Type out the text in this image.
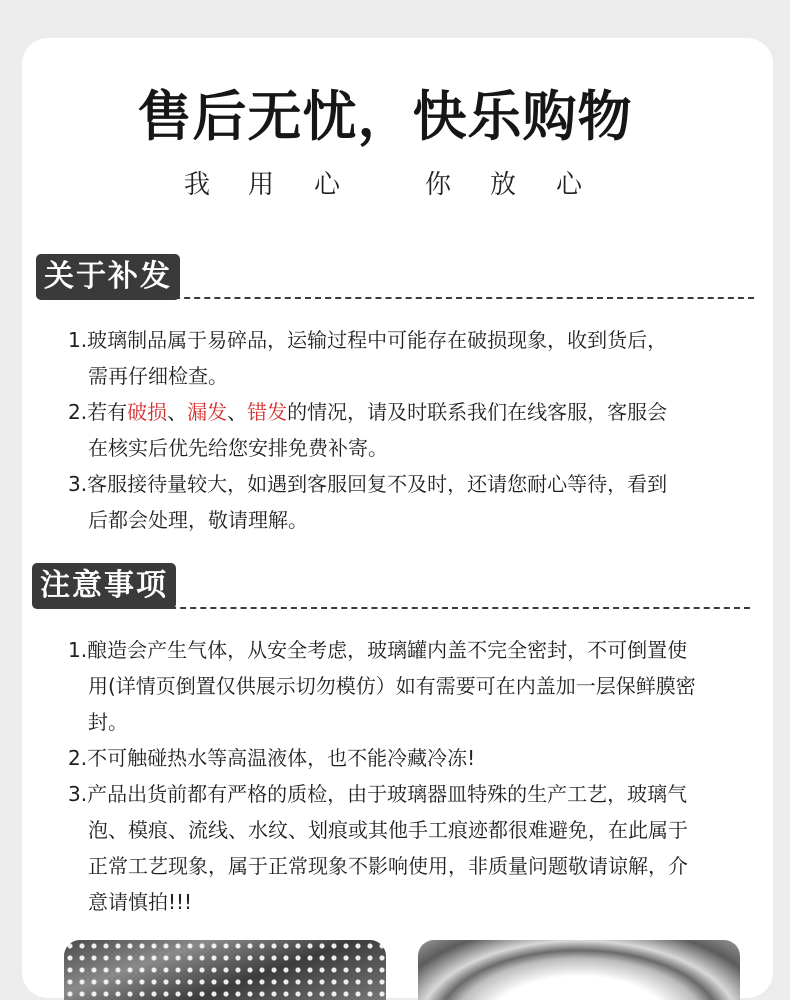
售后无忧，快乐购物
我 用 心	你 放 心
关于补发
1.玻璃制品属于易碎品，运输过程中可能存在破损现象，收到货后，
需再仔细检查。
2.若有破损、漏发、错发的情况，请及时联系我们在线客服，客服会
在核实后优先给您安排免费补寄。
3.客服接待量较大，如遇到客服回复不及时，还请您耐心等待，看到
后都会处理，敬请理解。
注意事项
1.酿造会产生气体，从安全考虑，玻璃罐内盖不完全密封，不可倒置使
用(详情页倒置仅供展示切勿模仿）如有需要可在内盖加一层保鲜膜密
封。
2.不可触碰热水等高温液体，也不能冷藏冷冻!
3.产品出货前都有严格的质检，由于玻璃器皿特殊的生产工艺，玻璃气
泡、模痕、流线、水纹、划痕或其他手工痕迹都很难避免，在此属于
正常工艺现象，属于正常现象不影响使用，非质量问题敬请谅解，介
意请慎拍!!!
